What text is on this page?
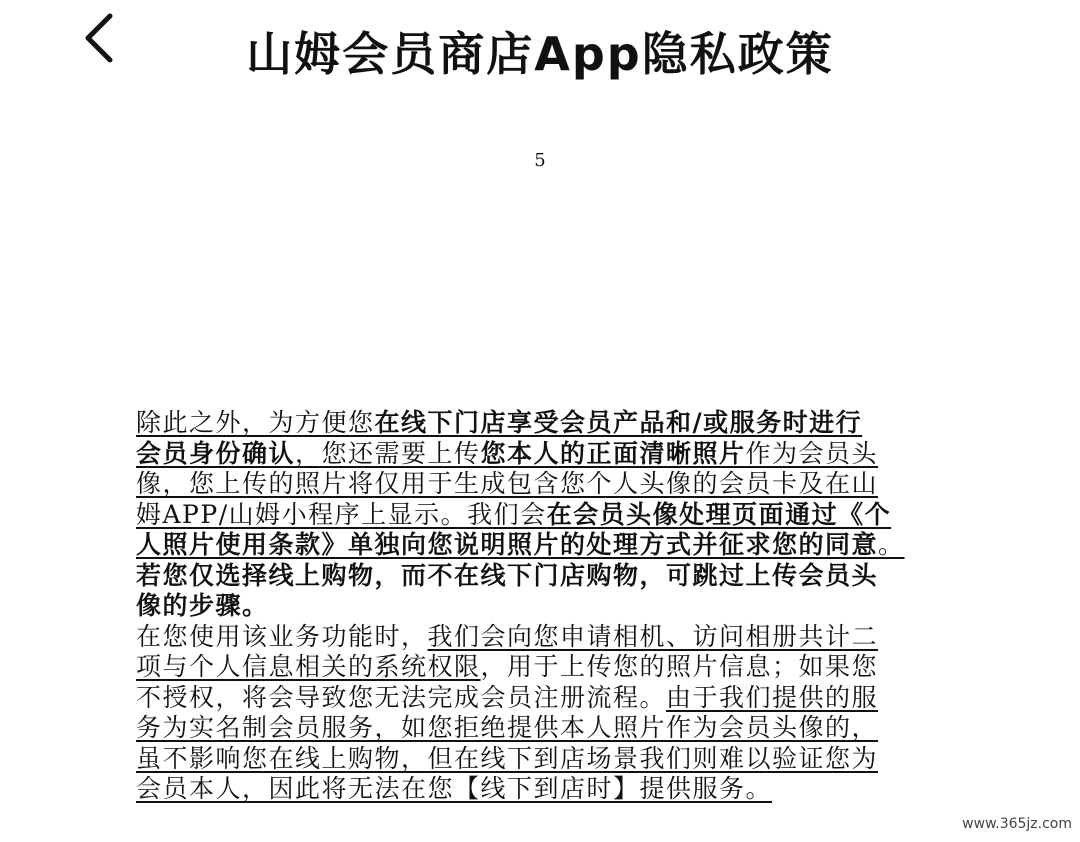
山姆会员商店App隐私政策
5
除此之外，为方便您在线下门店享受会员产品和/或服务时进行
会员身份确认，您还需要上传您本人的正面清晰照片作为会员头
像，您上传的照片将仅用于生成包含您个人头像的会员卡及在山
姆APP/山姆小程序上显示。我们会在会员头像处理页面通过《个
人照片使用条款》单独向您说明照片的处理方式并征求您的同意。
若您仅选择线上购物，而不在线下门店购物，可跳过上传会员头
像的步骤。
在您使用该业务功能时，我们会向您申请相机、访问相册共计二
项与个人信息相关的系统权限，用于上传您的照片信息；如果您
不授权，将会导致您无法完成会员注册流程。由于我们提供的服
务为实名制会员服务，如您拒绝提供本人照片作为会员头像的，
虽不影响您在线上购物，但在线下到店场景我们则难以验证您为
会员本人，因此将无法在您【线下到店时】提供服务。
www.365jz.com
